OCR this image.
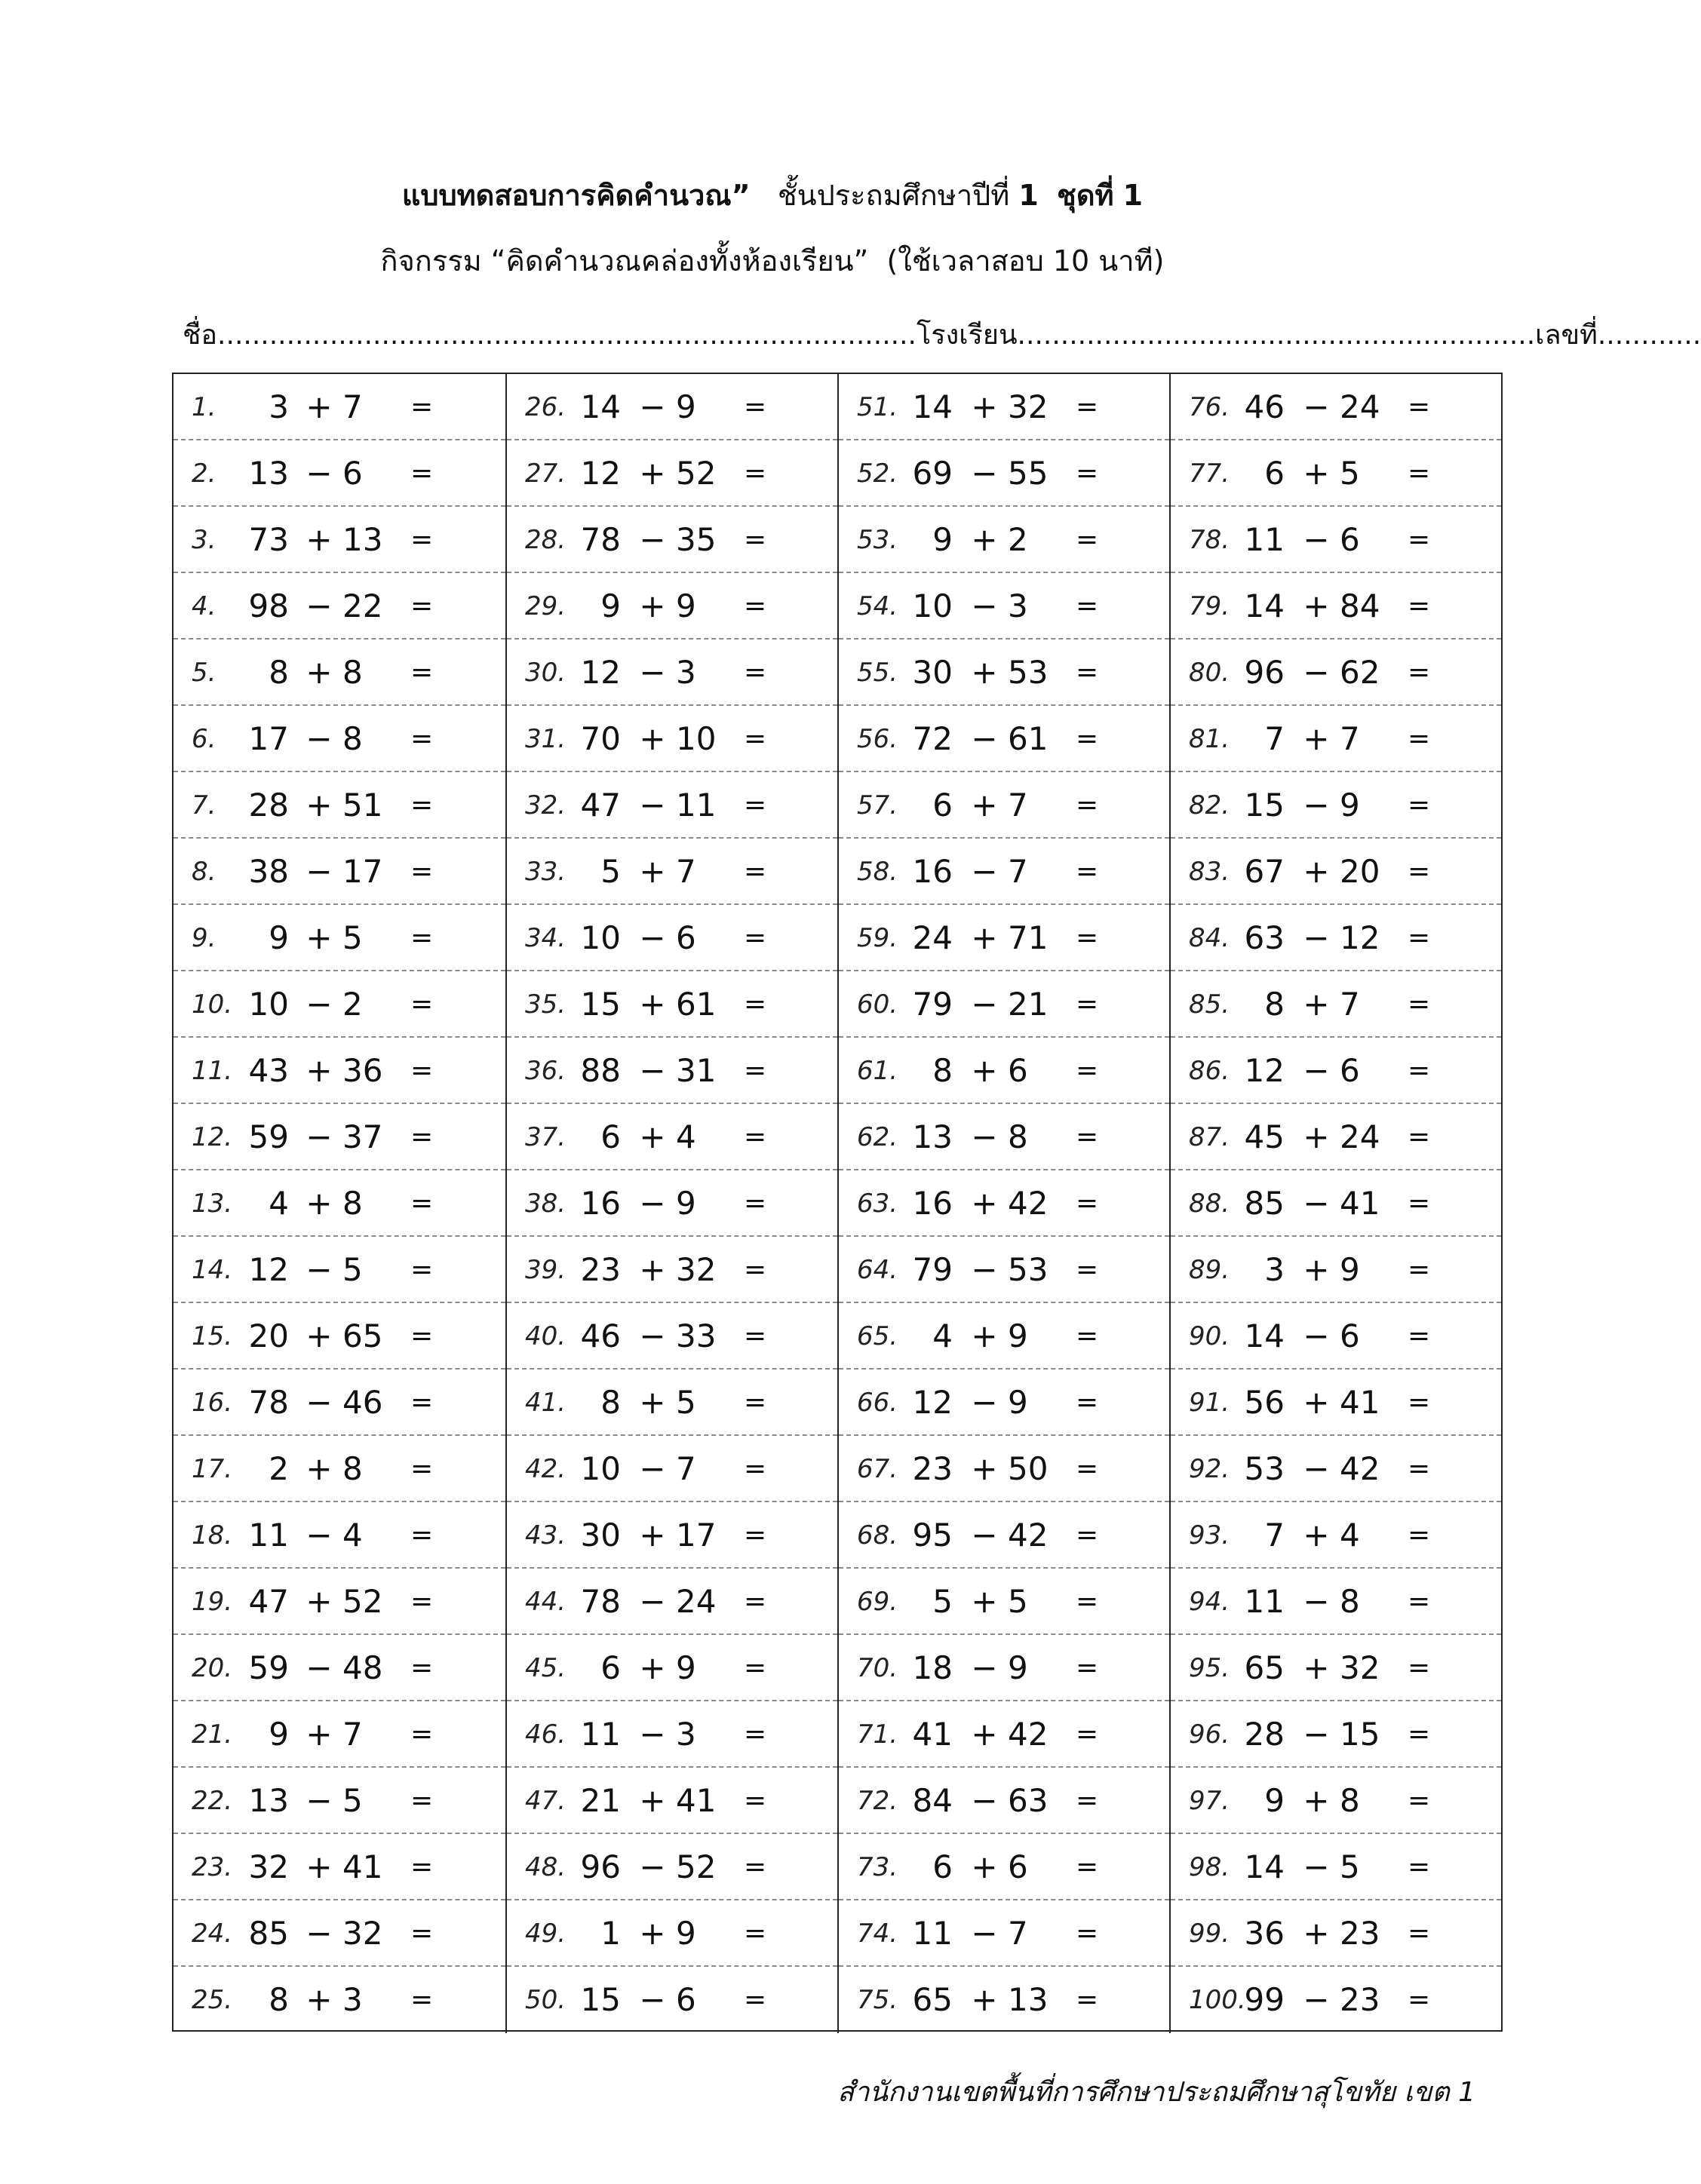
แบบทดสอบการคิดคำนวณ” ชั้นประถมศึกษาปีที่ 1 ชุดที่ 1
กิจกรรม “คิดคำนวณคล่องทั้งห้องเรียน” (ใช้เวลาสอบ 10 นาที)
ชื่อ.................................................................................โรงเรียน............................................................เลขที่............
1. 3 + 7 =
2. 13 − 6 =
3. 73 + 13 =
4. 98 − 22 =
5. 8 + 8 =
6. 17 − 8 =
7. 28 + 51 =
8. 38 − 17 =
9. 9 + 5 =
10. 10 − 2 =
11. 43 + 36 =
12. 59 − 37 =
13. 4 + 8 =
14. 12 − 5 =
15. 20 + 65 =
16. 78 − 46 =
17. 2 + 8 =
18. 11 − 4 =
19. 47 + 52 =
20. 59 − 48 =
21. 9 + 7 =
22. 13 − 5 =
23. 32 + 41 =
24. 85 − 32 =
25. 8 + 3 =
26. 14 − 9 =
27. 12 + 52 =
28. 78 − 35 =
29. 9 + 9 =
30. 12 − 3 =
31. 70 + 10 =
32. 47 − 11 =
33. 5 + 7 =
34. 10 − 6 =
35. 15 + 61 =
36. 88 − 31 =
37. 6 + 4 =
38. 16 − 9 =
39. 23 + 32 =
40. 46 − 33 =
41. 8 + 5 =
42. 10 − 7 =
43. 30 + 17 =
44. 78 − 24 =
45. 6 + 9 =
46. 11 − 3 =
47. 21 + 41 =
48. 96 − 52 =
49. 1 + 9 =
50. 15 − 6 =
51. 14 + 32 =
52. 69 − 55 =
53. 9 + 2 =
54. 10 − 3 =
55. 30 + 53 =
56. 72 − 61 =
57. 6 + 7 =
58. 16 − 7 =
59. 24 + 71 =
60. 79 − 21 =
61. 8 + 6 =
62. 13 − 8 =
63. 16 + 42 =
64. 79 − 53 =
65. 4 + 9 =
66. 12 − 9 =
67. 23 + 50 =
68. 95 − 42 =
69. 5 + 5 =
70. 18 − 9 =
71. 41 + 42 =
72. 84 − 63 =
73. 6 + 6 =
74. 11 − 7 =
75. 65 + 13 =
76. 46 − 24 =
77. 6 + 5 =
78. 11 − 6 =
79. 14 + 84 =
80. 96 − 62 =
81. 7 + 7 =
82. 15 − 9 =
83. 67 + 20 =
84. 63 − 12 =
85. 8 + 7 =
86. 12 − 6 =
87. 45 + 24 =
88. 85 − 41 =
89. 3 + 9 =
90. 14 − 6 =
91. 56 + 41 =
92. 53 − 42 =
93. 7 + 4 =
94. 11 − 8 =
95. 65 + 32 =
96. 28 − 15 =
97. 9 + 8 =
98. 14 − 5 =
99. 36 + 23 =
100.
99 − 23 =
สำนักงานเขตพื้นที่การศึกษาประถมศึกษาสุโขทัย เขต 1
